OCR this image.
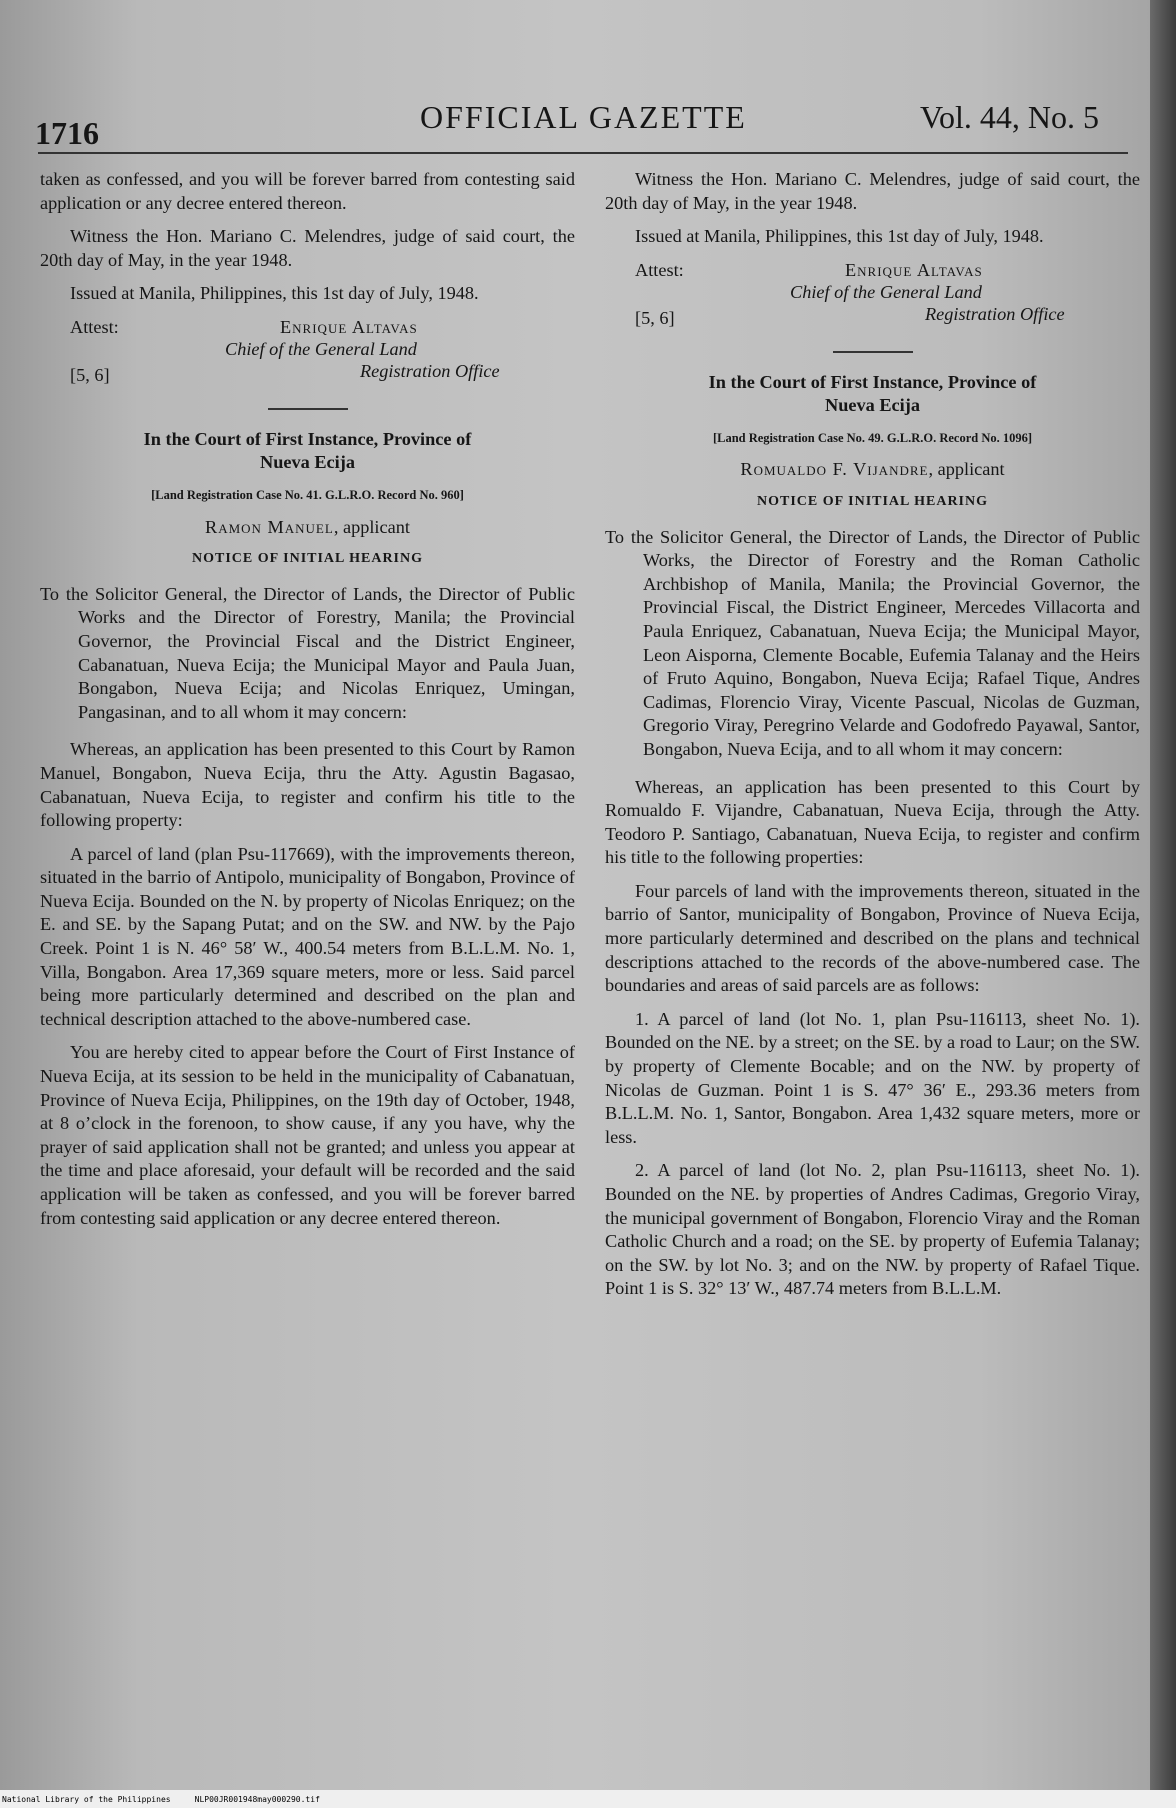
1716	OFFICIAL GAZETTE	Vol. 44, No. 5

taken as confessed, and you will be forever barred from contesting said application or any decree entered thereon.

Witness the Hon. Mariano C. Melendres, judge of said court, the 20th day of May, in the year 1948.

Issued at Manila, Philippines, this 1st day of July, 1948.

Attest:	Enrique Altavas
Chief of the General Land
[5, 6]	Registration Office
In the Court of First Instance, Province of
Nueva Ecija
[Land Registration Case No. 41. G.L.R.O. Record No. 960]
Ramon Manuel, applicant
NOTICE OF INITIAL HEARING

To the Solicitor General, the Director of Lands, the Director of Public Works and the Director of Forestry, Manila; the Provincial Governor, the Provincial Fiscal and the District Engineer, Cabanatuan, Nueva Ecija; the Municipal Mayor and Paula Juan, Bongabon, Nueva Ecija; and Nicolas Enriquez, Umingan, Pangasinan, and to all whom it may concern:

Whereas, an application has been presented to this Court by Ramon Manuel, Bongabon, Nueva Ecija, thru the Atty. Agustin Bagasao, Cabanatuan, Nueva Ecija, to register and confirm his title to the following property:

A parcel of land (plan Psu-117669), with the improvements thereon, situated in the barrio of Antipolo, municipality of Bongabon, Province of Nueva Ecija. Bounded on the N. by property of Nicolas Enriquez; on the E. and SE. by the Sapang Putat; and on the SW. and NW. by the Pajo Creek. Point 1 is N. 46° 58′ W., 400.54 meters from B.L.L.M. No. 1, Villa, Bongabon. Area 17,369 square meters, more or less. Said parcel being more particularly determined and described on the plan and technical description attached to the above-numbered case.

You are hereby cited to appear before the Court of First Instance of Nueva Ecija, at its session to be held in the municipality of Cabanatuan, Province of Nueva Ecija, Philippines, on the 19th day of October, 1948, at 8 o’clock in the forenoon, to show cause, if any you have, why the prayer of said application shall not be granted; and unless you appear at the time and place aforesaid, your default will be recorded and the said application will be taken as confessed, and you will be forever barred from contesting said application or any decree entered thereon.

Witness the Hon. Mariano C. Melendres, judge of said court, the 20th day of May, in the year 1948.

Issued at Manila, Philippines, this 1st day of July, 1948.

Attest:	Enrique Altavas
Chief of the General Land
[5, 6]	Registration Office
In the Court of First Instance, Province of
Nueva Ecija
[Land Registration Case No. 49. G.L.R.O. Record No. 1096]
Romualdo F. Vijandre, applicant
NOTICE OF INITIAL HEARING

To the Solicitor General, the Director of Lands, the Director of Public Works, the Director of Forestry and the Roman Catholic Archbishop of Manila, Manila; the Provincial Governor, the Provincial Fiscal, the District Engineer, Mercedes Villacorta and Paula Enriquez, Cabanatuan, Nueva Ecija; the Municipal Mayor, Leon Aisporna, Clemente Bocable, Eufemia Talanay and the Heirs of Fruto Aquino, Bongabon, Nueva Ecija; Rafael Tique, Andres Cadimas, Florencio Viray, Vicente Pascual, Nicolas de Guzman, Gregorio Viray, Peregrino Velarde and Godofredo Payawal, Santor, Bongabon, Nueva Ecija, and to all whom it may concern:

Whereas, an application has been presented to this Court by Romualdo F. Vijandre, Cabanatuan, Nueva Ecija, through the Atty. Teodoro P. Santiago, Cabanatuan, Nueva Ecija, to register and confirm his title to the following properties:

Four parcels of land with the improvements thereon, situated in the barrio of Santor, municipality of Bongabon, Province of Nueva Ecija, more particularly determined and described on the plans and technical descriptions attached to the records of the above-numbered case. The boundaries and areas of said parcels are as follows:

1. A parcel of land (lot No. 1, plan Psu-116113, sheet No. 1). Bounded on the NE. by a street; on the SE. by a road to Laur; on the SW. by property of Clemente Bocable; and on the NW. by property of Nicolas de Guzman. Point 1 is S. 47° 36′ E., 293.36 meters from B.L.L.M. No. 1, Santor, Bongabon. Area 1,432 square meters, more or less.

2. A parcel of land (lot No. 2, plan Psu-116113, sheet No. 1). Bounded on the NE. by properties of Andres Cadimas, Gregorio Viray, the municipal government of Bongabon, Florencio Viray and the Roman Catholic Church and a road; on the SE. by property of Eufemia Talanay; on the SW. by lot No. 3; and on the NW. by property of Rafael Tique. Point 1 is S. 32° 13′ W., 487.74 meters from B.L.L.M.

National Library of the Philippines     NLP00JR001948may000290.tif
